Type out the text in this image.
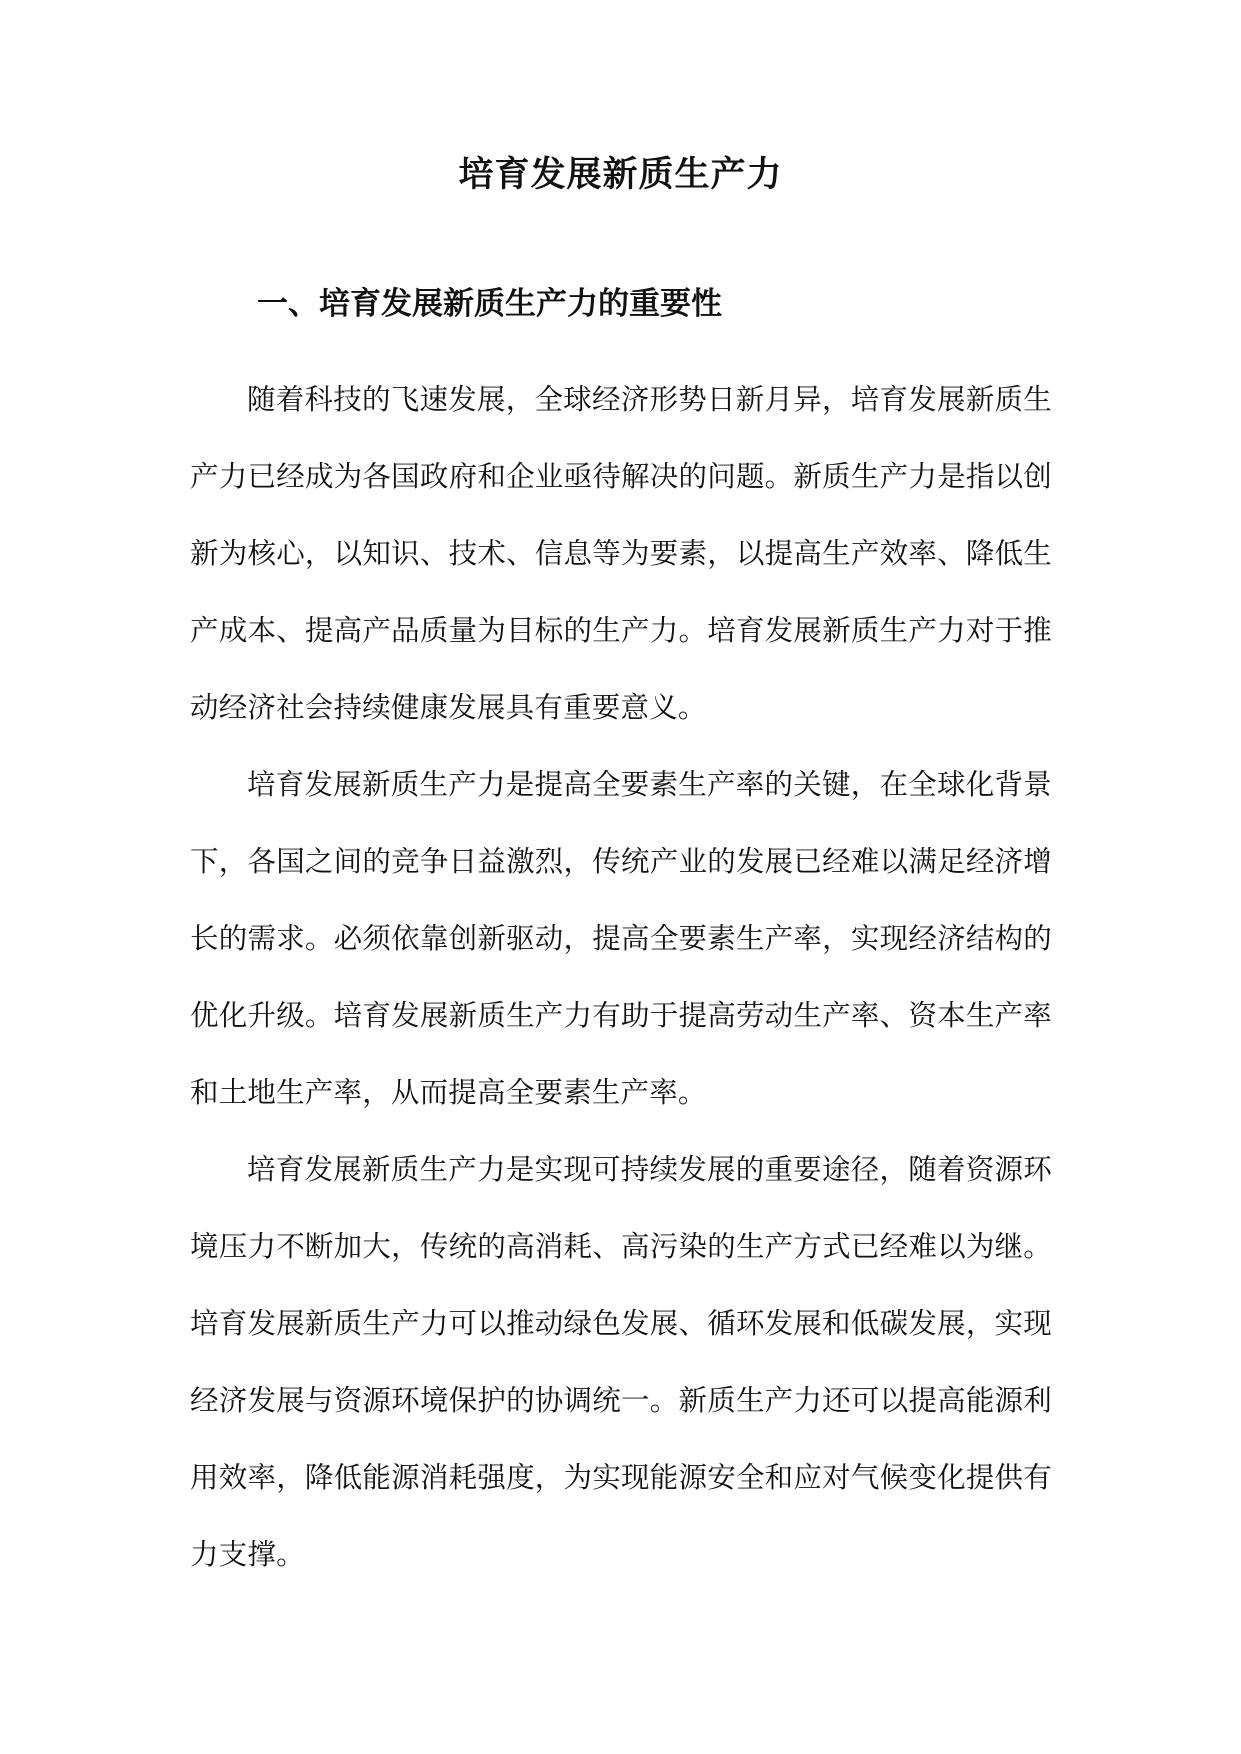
培育发展新质生产力
一、培育发展新质生产力的重要性

随着科技的飞速发展，全球经济形势日新月异，培育发展新质生产力已经成为各国政府和企业亟待解决的问题。新质生产力是指以创新为核心，以知识、技术、信息等为要素，以提高生产效率、降低生产成本、提高产品质量为目标的生产力。培育发展新质生产力对于推动经济社会持续健康发展具有重要意义。

培育发展新质生产力是提高全要素生产率的关键，在全球化背景下，各国之间的竞争日益激烈，传统产业的发展已经难以满足经济增长的需求。必须依靠创新驱动，提高全要素生产率，实现经济结构的优化升级。培育发展新质生产力有助于提高劳动生产率、资本生产率和土地生产率，从而提高全要素生产率。

培育发展新质生产力是实现可持续发展的重要途径，随着资源环境压力不断加大，传统的高消耗、高污染的生产方式已经难以为继。培育发展新质生产力可以推动绿色发展、循环发展和低碳发展，实现经济发展与资源环境保护的协调统一。新质生产力还可以提高能源利用效率，降低能源消耗强度，为实现能源安全和应对气候变化提供有力支撑。
